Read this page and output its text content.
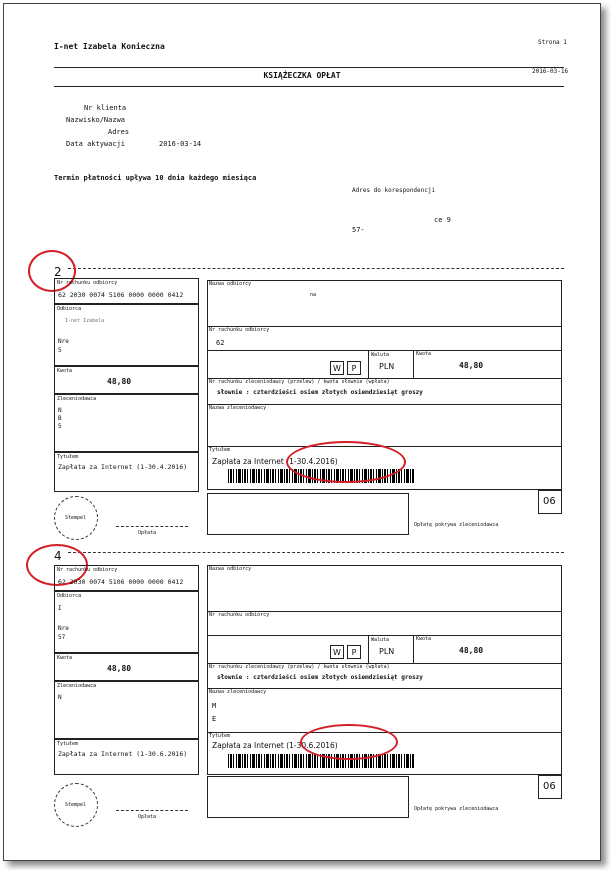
I-net Izabela Konieczna	Strona 1
KSIĄŻECZKA OPŁAT	2016-03-16
Nr klienta
Nazwisko/Nazwa
Adres
Data aktywacji	2016-03-14
Termin płatności upływa 10 dnia każdego miesiąca
Adres do korespondencji
ce 9
57-
2
Nr rachunku odbiorcy
62 2030 0074 5106 0000 0000 0412
Odbiorca
I-net Izabela
Nre
5
Kwota
48,80
Zleceniodawca
N
B
5
Tytułem
Zapłata za Internet (1-30.4.2016)
Stempel
Opłata
Nazwa odbiorcy
na
Nr rachunku odbiorcy
62
W	P
Waluta
PLN
Kwota
48,80
Nr rachunku zleceniodawcy (przelew) / kwota słownie (wpłata)
słownie : czterdzieści osiem złotych osiemdziesiąt groszy
Nazwa zleceniodawcy
Tytułem
Zapłata za Internet (1-30.4.2016)
06
Opłatę pokrywa zleceniodawca
4
Nr rachunku odbiorcy
62 2030 0074 5106 0000 0000 0412
Odbiorca
I
Nre
57
Kwota
48,80
Zleceniodawca
N
Tytułem
Zapłata za Internet (1-30.6.2016)
Stempel
Opłata
Nazwa odbiorcy
Nr rachunku odbiorcy
W	P
Waluta
PLN
Kwota
48,80
Nr rachunku zleceniodawcy (przelew) / kwota słownie (wpłata)
słownie : czterdzieści osiem złotych osiemdziesiąt groszy
Nazwa zleceniodawcy
M
E
Tytułem
Zapłata za Internet (1-30.6.2016)
06
Opłatę pokrywa zleceniodawca
